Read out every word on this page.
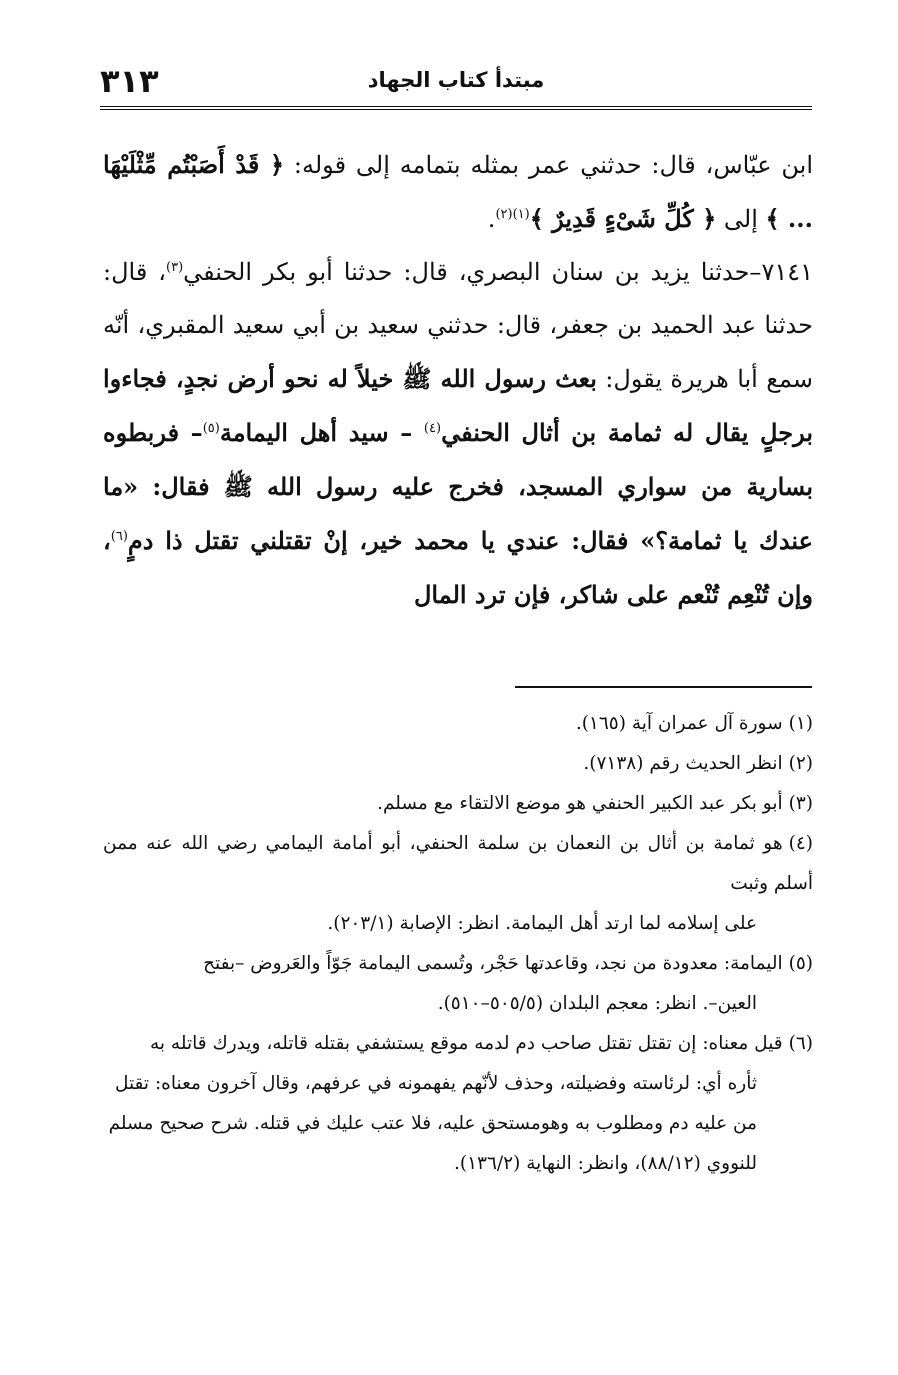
مبتدأ كتاب الجهاد
٣١٣

ابن عبّاس، قال: حدثني عمر بمثله بتمامه إلى قوله: ﴿ قَدْ أَصَبْتُم مِّثْلَيْهَا ... ﴾ إلى ﴿ كُلِّ شَىْءٍ قَدِيرٌ ﴾$^{(١)(٢)}$.

٧١٤١–حدثنا يزيد بن سنان البصري، قال: حدثنا أبو بكر الحنفي$^{(٣)}$، قال: حدثنا عبد الحميد بن جعفر، قال: حدثني سعيد بن أبي سعيد المقبري، أنّه سمع أبا هريرة يقول: بعث رسول الله ﷺ خيلاً له نحو أرض نجدٍ، فجاءوا برجلٍ يقال له ثمامة بن أثال الحنفي$^{(٤)}$ – سيد أهل اليمامة$^{(٥)}$– فربطوه بسارية من سواري المسجد، فخرج عليه رسول الله ﷺ فقال: «ما عندك يا ثمامة؟» فقال: عندي يا محمد خير، إنْ تقتلني تقتل ذا دمٍ$^{(٦)}$، وإن تُنْعِم تُنْعم على شاكر، فإن ترد المال

(١)سورة آل عمران آية (١٦٥).
(٢)انظر الحديث رقم (٧١٣٨).
(٣)أبو بكر عبد الكبير الحنفي هو موضع الالتقاء مع مسلم.
(٤)هو ثمامة بن أثال بن النعمان بن سلمة الحنفي، أبو أمامة اليمامي رضي الله عنه ممن أسلم وثبت
على إسلامه لما ارتد أهل اليمامة. انظر: الإصابة (٢٠٣/١).
(٥)اليمامة: معدودة من نجد، وقاعدتها حَجْر، وتُسمى اليمامة جَوّاً والعَروض –بفتح
العين–. انظر: معجم البلدان (٥٠٥/٥–٥١٠).
(٦)قيل معناه: إن تقتل تقتل صاحب دم لدمه موقع يستشفي بقتله قاتله، ويدرك قاتله به
ثأره أي: لرئاسته وفضيلته، وحذف لأنّهم يفهمونه في عرفهم، وقال آخرون معناه: تقتل من عليه دم ومطلوب به وهومستحق عليه، فلا عتب عليك في قتله. شرح صحيح مسلم للنووي (٨٨/١٢)، وانظر: النهاية (١٣٦/٢).
